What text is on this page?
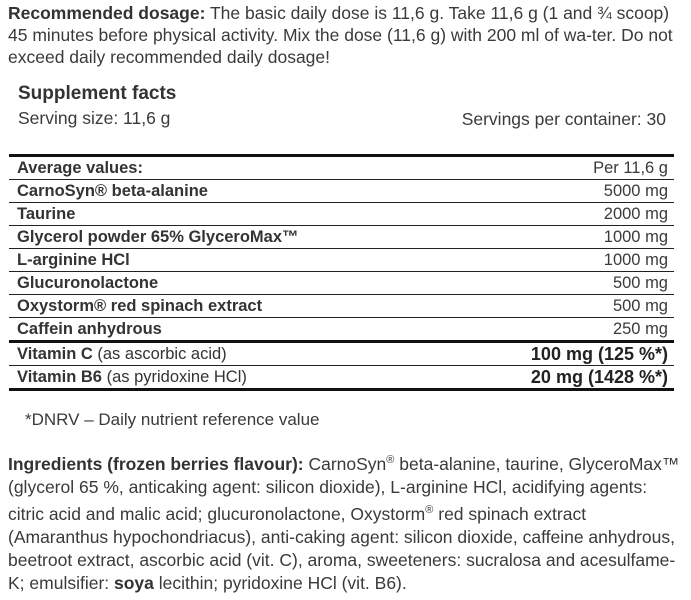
Recommended dosage: The basic daily dose is 11,6 g. Take 11,6 g (1 and ¾ scoop) 45 minutes before physical activity. Mix the dose (11,6 g) with 200 ml of wa-ter. Do not exceed daily recommended daily dosage!
Supplement facts
Serving size: 11,6 g	Servings per container: 30
Average values:	Per 11,6 g
CarnoSyn® beta-alanine	5000 mg
Taurine	2000 mg
Glycerol powder 65% GlyceroMax™	1000 mg
L-arginine HCl	1000 mg
Glucuronolactone	500 mg
Oxystorm® red spinach extract	500 mg
Caffein anhydrous	250 mg
Vitamin C (as ascorbic acid)	100 mg (125 %*)
Vitamin B6 (as pyridoxine HCl)	20 mg (1428 %*)
*DNRV – Daily nutrient reference value
Ingredients (frozen berries flavour): CarnoSyn® beta-alanine, taurine, GlyceroMax™ (glycerol 65 %, anticaking agent: silicon dioxide), L-arginine HCl, acidifying agents: citric acid and malic acid; glucuronolactone, Oxystorm® red spinach extract (Amaranthus hypochondriacus), anti-caking agent: silicon dioxide, caffeine anhydrous, beetroot extract, ascorbic acid (vit. C), aroma, sweetеners: sucralosa and acesulfame-K; emulsifier: soya lecithin; pyridoxine HCl (vit. B6).
